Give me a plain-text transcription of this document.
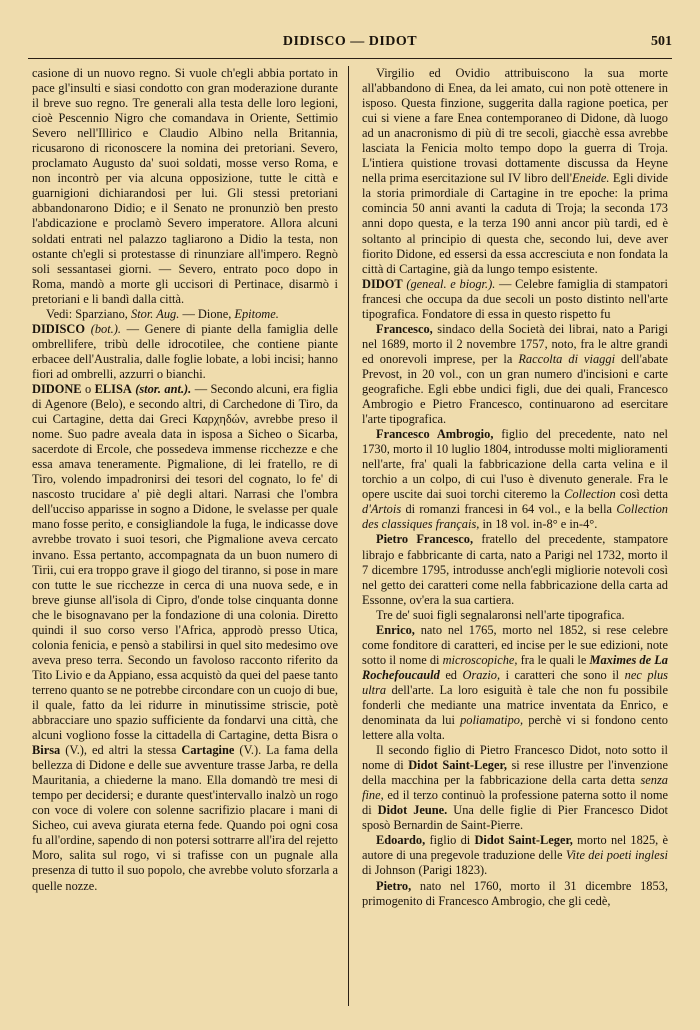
DIDISCO — DIDOT	501

casione di un nuovo regno. Si vuole ch'egli abbia portato in pace gl'insulti e siasi condotto con gran moderazione durante il breve suo regno. Tre generali alla testa delle loro legioni, cioè Pescennio Nigro che comandava in Oriente, Settimio Severo nell'Illirico e Claudio Albino nella Britannia, ricusarono di riconoscere la nomina dei pretoriani. Severo, proclamato Augusto da' suoi soldati, mosse verso Roma, e non incontrò per via alcuna opposizione, tutte le città e guarnigioni dichiarandosi per lui. Gli stessi pretoriani abbandonarono Didio; e il Senato ne pronunziò ben presto l'abdicazione e proclamò Severo imperatore. Allora alcuni soldati entrati nel palazzo tagliarono a Didio la testa, non ostante ch'egli si protestasse di rinunziare all'impero. Regnò soli sessantasei giorni. — Severo, entrato poco dopo in Roma, mandò a morte gli uccisori di Pertinace, disarmò i pretoriani e li bandì dalla città.

Vedi: Sparziano, Stor. Aug. — Dione, Epitome.

DIDISCO (bot.). — Genere di piante della famiglia delle ombrellifere, tribù delle idrocotilee, che contiene piante erbacee dell'Australia, dalle foglie lobate, a lobi incisi; hanno fiori ad ombrelli, azzurri o bianchi.

DIDONE o ELISA (stor. ant.). — Secondo alcuni, era figlia di Agenore (Belo), e secondo altri, di Carchedone di Tiro, da cui Cartagine, detta dai Greci Καρχηδών, avrebbe preso il nome. Suo padre aveala data in isposa a Sicheo o Sicarba, sacerdote di Ercole, che possedeva immense ricchezze e che essa amava teneramente. Pigmalione, di lei fratello, re di Tiro, volendo impadronirsi dei tesori del cognato, lo fe' di nascosto trucidare a' piè degli altari. Narrasi che l'ombra dell'ucciso apparisse in sogno a Didone, le svelasse per quale mano fosse perito, e consigliandole la fuga, le indicasse dove avrebbe trovato i suoi tesori, che Pigmalione aveva cercato invano. Essa pertanto, accompagnata da un buon numero di Tirii, cui era troppo grave il giogo del tiranno, si pose in mare con tutte le sue ricchezze in cerca di una nuova sede, e in breve giunse all'isola di Cipro, d'onde tolse cinquanta donne che le bisognavano per la fondazione di una colonia. Diretto quindi il suo corso verso l'Africa, approdò presso Utica, colonia fenicia, e pensò a stabilirsi in quel sito medesimo ove aveva preso terra. Secondo un favoloso racconto riferito da Tito Livio e da Appiano, essa acquistò da quei del paese tanto terreno quanto se ne potrebbe circondare con un cuojo di bue, il quale, fatto da lei ridurre in minutissime striscie, potè abbracciare uno spazio sufficiente da fondarvi una città, che alcuni vogliono fosse la cittadella di Cartagine, detta Bisra o Birsa (V.), ed altri la stessa Cartagine (V.). La fama della bellezza di Didone e delle sue avventure trasse Jarba, re della Mauritania, a chiederne la mano. Ella domandò tre mesi di tempo per decidersi; e durante quest'intervallo inalzò un rogo con voce di volere con solenne sacrifizio placare i mani di Sicheo, cui aveva giurata eterna fede. Quando poi ogni cosa fu all'ordine, sapendo di non potersi sottrarre all'ira del rejetto Moro, salita sul rogo, vi si trafisse con un pugnale alla presenza di tutto il suo popolo, che avrebbe voluto sforzarla a quelle nozze.

Virgilio ed Ovidio attribuiscono la sua morte all'abbandono di Enea, da lei amato, cui non potè ottenere in isposo. Questa finzione, suggerita dalla ragione poetica, per cui si viene a fare Enea contemporaneo di Didone, dà luogo ad un anacronismo di più di tre secoli, giacchè essa avrebbe lasciata la Fenicia molto tempo dopo la guerra di Troja. L'intiera quistione trovasi dottamente discussa da Heyne nella prima esercitazione sul IV libro dell'Eneide. Egli divide la storia primordiale di Cartagine in tre epoche: la prima comincia 50 anni avanti la caduta di Troja; la seconda 173 anni dopo questa, e la terza 190 anni ancor più tardi, ed è soltanto al principio di questa che, secondo lui, deve aver fiorito Didone, ed essersi da essa accresciuta e non fondata la città di Cartagine, già da lungo tempo esistente.

DIDOT (geneal. e biogr.). — Celebre famiglia di stampatori francesi che occupa da due secoli un posto distinto nell'arte tipografica. Fondatore di essa in questo rispetto fu

Francesco, sindaco della Società dei librai, nato a Parigi nel 1689, morto il 2 novembre 1757, noto, fra le altre grandi ed onorevoli imprese, per la Raccolta di viaggi dell'abate Prevost, in 20 vol., con un gran numero d'incisioni e carte geografiche. Egli ebbe undici figli, due dei quali, Francesco Ambrogio e Pietro Francesco, continuarono ad esercitare l'arte tipografica.

Francesco Ambrogio, figlio del precedente, nato nel 1730, morto il 10 luglio 1804, introdusse molti miglioramenti nell'arte, fra' quali la fabbricazione della carta velina e il torchio a un colpo, di cui l'uso è divenuto generale. Fra le opere uscite dai suoi torchi citeremo la Collection così detta d'Artois di romanzi francesi in 64 vol., e la bella Collection des classiques français, in 18 vol. in-8° e in-4°.

Pietro Francesco, fratello del precedente, stampatore librajo e fabbricante di carta, nato a Parigi nel 1732, morto il 7 dicembre 1795, introdusse anch'egli migliorie notevoli così nel getto dei caratteri come nella fabbricazione della carta ad Essonne, ov'era la sua cartiera.

Tre de' suoi figli segnalaronsi nell'arte tipografica.

Enrico, nato nel 1765, morto nel 1852, si rese celebre come fonditore di caratteri, ed incise per le sue edizioni, note sotto il nome di microscopiche, fra le quali le Maximes de La Rochefoucauld ed Orazio, i caratteri che sono il nec plus ultra dell'arte. La loro esiguità è tale che non fu possibile fonderli che mediante una matrice inventata da Enrico, e denominata da lui poliamatipo, perchè vi si fondono cento lettere alla volta.

Il secondo figlio di Pietro Francesco Didot, noto sotto il nome di Didot Saint-Leger, si rese illustre per l'invenzione della macchina per la fabbricazione della carta detta senza fine, ed il terzo continuò la professione paterna sotto il nome di Didot Jeune. Una delle figlie di Pier Francesco Didot sposò Bernardin de Saint-Pierre.

Edoardo, figlio di Didot Saint-Leger, morto nel 1825, è autore di una pregevole traduzione delle Vite dei poeti inglesi di Johnson (Parigi 1823).

Pietro, nato nel 1760, morto il 31 dicembre 1853, primogenito di Francesco Ambrogio, che gli cedè,
